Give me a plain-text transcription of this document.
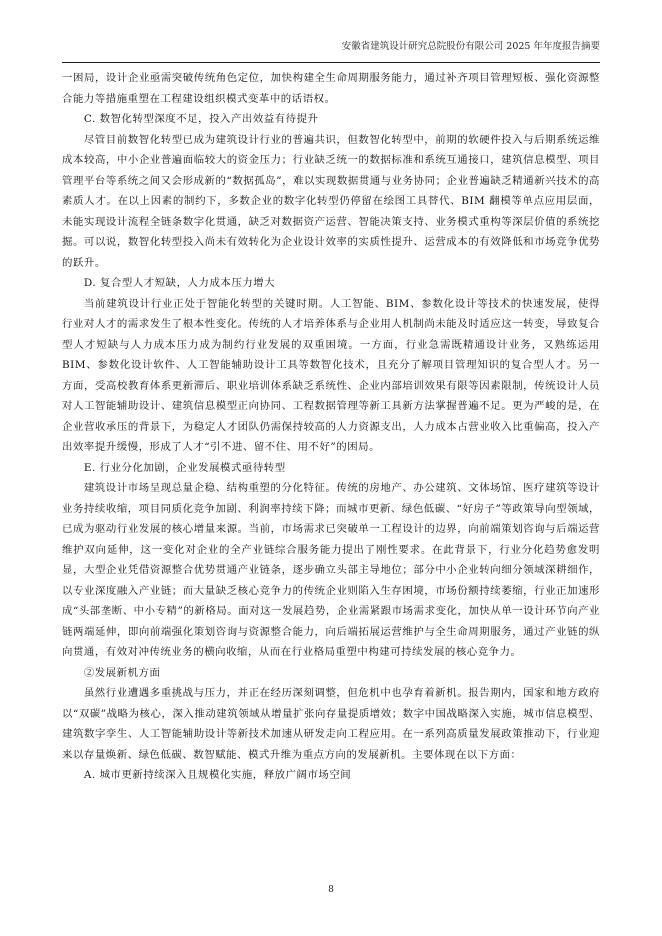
安徽省建筑设计研究总院股份有限公司 2025 年年度报告摘要

一困局，设计企业亟需突破传统角色定位，加快构建全生命周期服务能力，通过补齐项目管理短板、强化资源整合能力等措施重塑在工程建设组织模式变革中的话语权。

C. 数智化转型深度不足，投入产出效益有待提升

尽管目前数智化转型已成为建筑设计行业的普遍共识，但数智化转型中，前期的软硬件投入与后期系统运维成本较高，中小企业普遍面临较大的资金压力；行业缺乏统一的数据标准和系统互通接口，建筑信息模型、项目管理平台等系统之间又会形成新的“数据孤岛”，难以实现数据贯通与业务协同；企业普遍缺乏精通新兴技术的高素质人才。在以上因素的制约下，多数企业的数字化转型仍停留在绘图工具替代、BIM 翻模等单点应用层面，未能实现设计流程全链条数字化贯通，缺乏对数据资产运营、智能决策支持、业务模式重构等深层价值的系统挖掘。可以说，数智化转型投入尚未有效转化为企业设计效率的实质性提升、运营成本的有效降低和市场竞争优势的跃升。

D. 复合型人才短缺，人力成本压力增大

当前建筑设计行业正处于智能化转型的关键时期。人工智能、BIM、参数化设计等技术的快速发展，使得行业对人才的需求发生了根本性变化。传统的人才培养体系与企业用人机制尚未能及时适应这一转变，导致复合型人才短缺与人力成本压力成为制约行业发展的双重困境。一方面，行业急需既精通设计业务，又熟练运用 BIM、参数化设计软件、人工智能辅助设计工具等数智化技术，且充分了解项目管理知识的复合型人才。另一方面，受高校教育体系更新滞后、职业培训体系缺乏系统性、企业内部培训效果有限等因素限制，传统设计人员对人工智能辅助设计、建筑信息模型正向协同、工程数据管理等新工具新方法掌握普遍不足。更为严峻的是，在企业营收承压的背景下，为稳定人才团队仍需保持较高的人力资源支出，人力成本占营业收入比重偏高，投入产出效率提升缓慢，形成了人才“引不进、留不住、用不好”的困局。

E. 行业分化加剧，企业发展模式亟待转型

建筑设计市场呈现总量企稳、结构重塑的分化特征。传统的房地产、办公建筑、文体场馆、医疗建筑等设计业务持续收缩，项目同质化竞争加剧、利润率持续下降；而城市更新、绿色低碳、“好房子”等政策导向型领域，已成为驱动行业发展的核心增量来源。当前，市场需求已突破单一工程设计的边界，向前端策划咨询与后端运营维护双向延伸，这一变化对企业的全产业链综合服务能力提出了刚性要求。在此背景下，行业分化趋势愈发明显，大型企业凭借资源整合优势贯通产业链条，逐步确立头部主导地位；部分中小企业转向细分领域深耕细作，以专业深度融入产业链；而大量缺乏核心竞争力的传统企业则陷入生存困境，市场份额持续萎缩，行业正加速形成“头部垄断、中小专精”的新格局。面对这一发展趋势，企业需紧跟市场需求变化，加快从单一设计环节向产业链两端延伸，即向前端强化策划咨询与资源整合能力，向后端拓展运营维护与全生命周期服务，通过产业链的纵向贯通，有效对冲传统业务的横向收缩，从而在行业格局重塑中构建可持续发展的核心竞争力。

②发展新机方面

虽然行业遭遇多重挑战与压力，并正在经历深刻调整，但危机中也孕育着新机。报告期内，国家和地方政府以“双碳”战略为核心，深入推动建筑领域从增量扩张向存量提质增效；数字中国战略深入实施，城市信息模型、建筑数字孪生、人工智能辅助设计等新技术加速从研发走向工程应用。在一系列高质量发展政策推动下，行业迎来以存量焕新、绿色低碳、数智赋能、模式升维为重点方向的发展新机。主要体现在以下方面：

A. 城市更新持续深入且规模化实施，释放广阔市场空间

8
